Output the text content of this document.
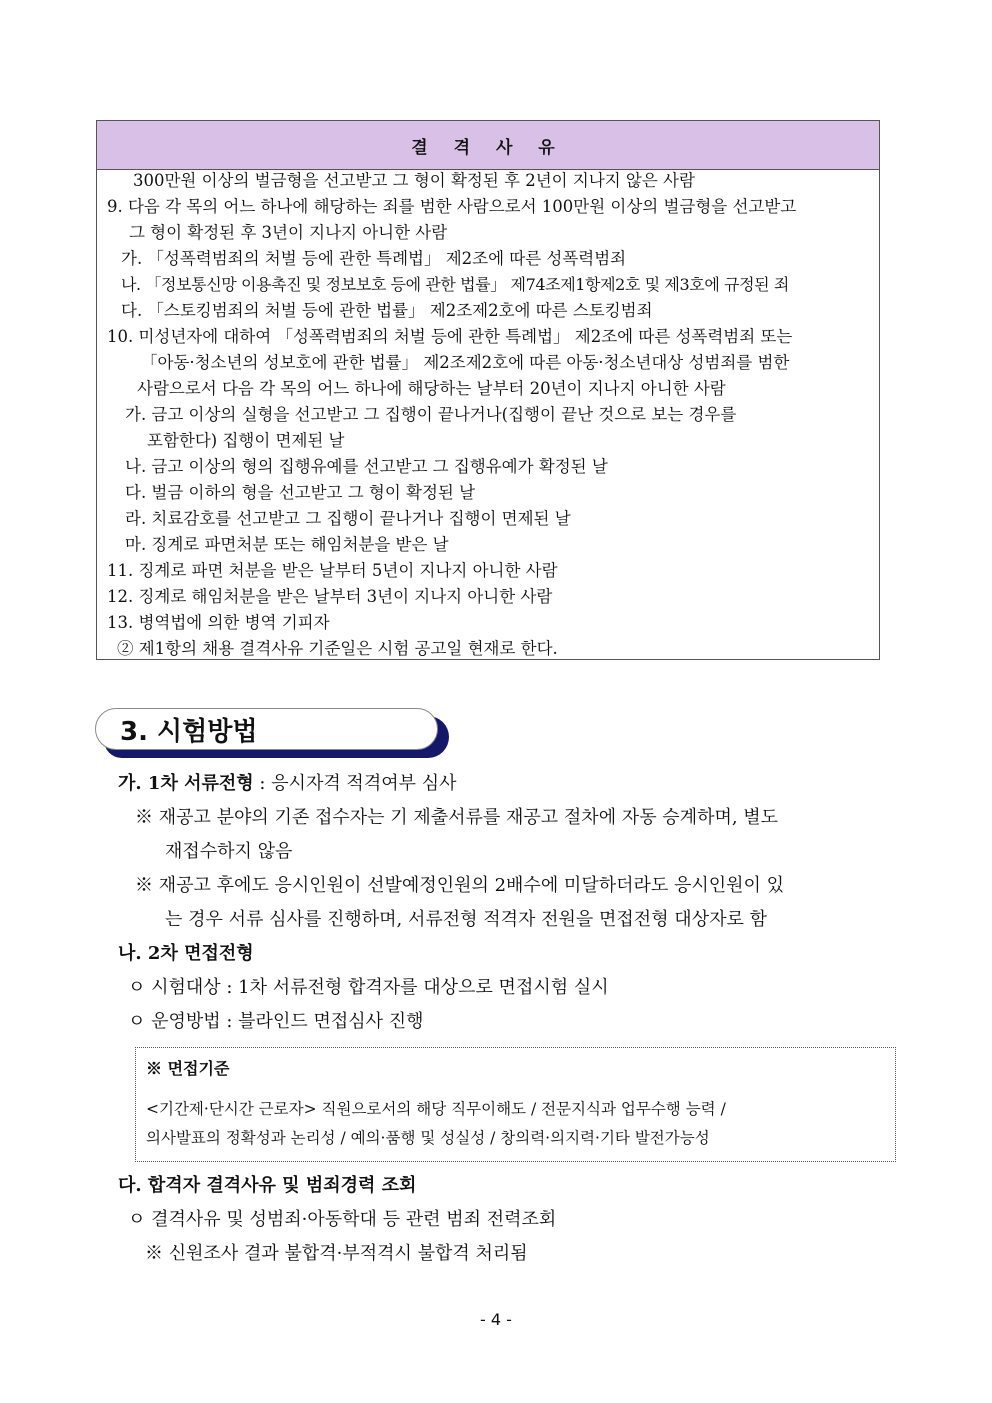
결 격 사 유
300만원 이상의 벌금형을 선고받고 그 형이 확정된 후 2년이 지나지 않은 사람
9. 다음 각 목의 어느 하나에 해당하는 죄를 범한 사람으로서 100만원 이상의 벌금형을 선고받고
그 형이 확정된 후 3년이 지나지 아니한 사람
가. 「성폭력범죄의 처벌 등에 관한 특례법」 제2조에 따른 성폭력범죄
나. 「정보통신망 이용촉진 및 정보보호 등에 관한 법률」 제74조제1항제2호 및 제3호에 규정된 죄
다. 「스토킹범죄의 처벌 등에 관한 법률」 제2조제2호에 따른 스토킹범죄
10. 미성년자에 대하여 「성폭력범죄의 처벌 등에 관한 특례법」 제2조에 따른 성폭력범죄 또는
「아동·청소년의 성보호에 관한 법률」 제2조제2호에 따른 아동·청소년대상 성범죄를 범한
사람으로서 다음 각 목의 어느 하나에 해당하는 날부터 20년이 지나지 아니한 사람
가. 금고 이상의 실형을 선고받고 그 집행이 끝나거나(집행이 끝난 것으로 보는 경우를
포함한다) 집행이 면제된 날
나. 금고 이상의 형의 집행유예를 선고받고 그 집행유예가 확정된 날
다. 벌금 이하의 형을 선고받고 그 형이 확정된 날
라. 치료감호를 선고받고 그 집행이 끝나거나 집행이 면제된 날
마. 징계로 파면처분 또는 해임처분을 받은 날
11. 징계로 파면 처분을 받은 날부터 5년이 지나지 아니한 사람
12. 징계로 해임처분을 받은 날부터 3년이 지나지 아니한 사람
13. 병역법에 의한 병역 기피자
② 제1항의 채용 결격사유 기준일은 시험 공고일 현재로 한다.
3. 시험방법
가. 1차 서류전형 : 응시자격 적격여부 심사
※ 재공고 분야의 기존 접수자는 기 제출서류를 재공고 절차에 자동 승계하며, 별도
재접수하지 않음
※ 재공고 후에도 응시인원이 선발예정인원의 2배수에 미달하더라도 응시인원이 있
는 경우 서류 심사를 진행하며, 서류전형 적격자 전원을 면접전형 대상자로 함
나. 2차 면접전형
ㅇ 시험대상 : 1차 서류전형 합격자를 대상으로 면접시험 실시
ㅇ 운영방법 : 블라인드 면접심사 진행
※ 면접기준
<기간제·단시간 근로자> 직원으로서의 해당 직무이해도 / 전문지식과 업무수행 능력 /
의사발표의 정확성과 논리성 / 예의·품행 및 성실성 / 창의력·의지력·기타 발전가능성
다. 합격자 결격사유 및 범죄경력 조회
ㅇ 결격사유 및 성범죄·아동학대 등 관련 범죄 전력조회
※ 신원조사 결과 불합격·부적격시 불합격 처리됨
- 4 -
